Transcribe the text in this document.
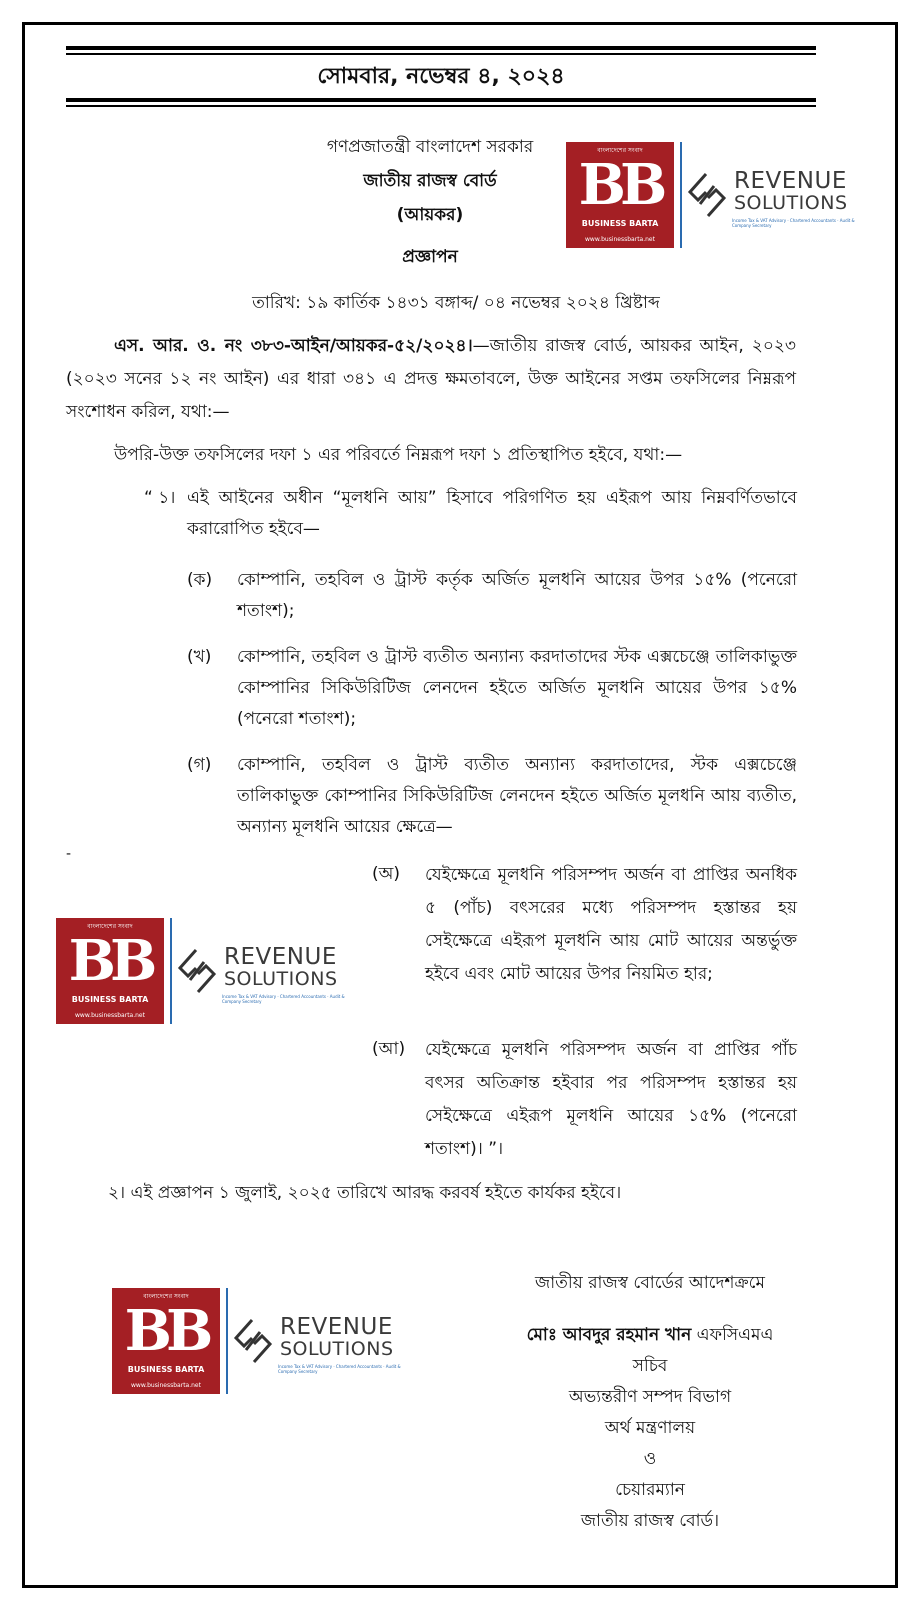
সোমবার, নভেম্বর ৪, ২০২৪
গণপ্রজাতন্ত্রী বাংলাদেশ সরকার
জাতীয় রাজস্ব বোর্ড
(আয়কর)
প্রজ্ঞাপন
তারিখ: ১৯ কার্তিক ১৪৩১ বঙ্গাব্দ/ ০৪ নভেম্বর ২০২৪ খ্রিষ্টাব্দ
এস. আর. ও. নং ৩৮৩-আইন/আয়কর-৫২/২০২৪।—জাতীয় রাজস্ব বোর্ড, আয়কর আইন, ২০২৩ (২০২৩ সনের ১২ নং আইন) এর ধারা ৩৪১ এ প্রদত্ত ক্ষমতাবলে, উক্ত আইনের সপ্তম তফসিলের নিম্নরূপ সংশোধন করিল, যথা:—
উপরি-উক্ত তফসিলের দফা ১ এর পরিবর্তে নিম্নরূপ দফা ১ প্রতিস্থাপিত হইবে, যথা:—
“ ১। এই আইনের অধীন “মূলধনি আয়” হিসাবে পরিগণিত হয় এইরূপ আয় নিম্নবর্ণিতভাবে করারোপিত হইবে—
(ক) কোম্পানি, তহবিল ও ট্রাস্ট কর্তৃক অর্জিত মূলধনি আয়ের উপর ১৫% (পনেরো শতাংশ);
(খ) কোম্পানি, তহবিল ও ট্রাস্ট ব্যতীত অন্যান্য করদাতাদের স্টক এক্সচেঞ্জে তালিকাভুক্ত কোম্পানির সিকিউরিটিজ লেনদেন হইতে অর্জিত মূলধনি আয়ের উপর ১৫% (পনেরো শতাংশ);
(গ) কোম্পানি, তহবিল ও ট্রাস্ট ব্যতীত অন্যান্য করদাতাদের, স্টক এক্সচেঞ্জে তালিকাভুক্ত কোম্পানির সিকিউরিটিজ লেনদেন হইতে অর্জিত মূলধনি আয় ব্যতীত, অন্যান্য মূলধনি আয়ের ক্ষেত্রে—
-
(অ) যেইক্ষেত্রে মূলধনি পরিসম্পদ অর্জন বা প্রাপ্তির অনধিক ৫ (পাঁচ) বৎসরের মধ্যে পরিসম্পদ হস্তান্তর হয় সেইক্ষেত্রে এইরূপ মূলধনি আয় মোট আয়ের অন্তর্ভুক্ত হইবে এবং মোট আয়ের উপর নিয়মিত হার;
(আ) যেইক্ষেত্রে মূলধনি পরিসম্পদ অর্জন বা প্রাপ্তির পাঁচ বৎসর অতিক্রান্ত হইবার পর পরিসম্পদ হস্তান্তর হয় সেইক্ষেত্রে এইরূপ মূলধনি আয়ের ১৫% (পনেরো শতাংশ)। ”।
২। এই প্রজ্ঞাপন ১ জুলাই, ২০২৫ তারিখে আরদ্ধ করবর্ষ হইতে কার্যকর হইবে।
জাতীয় রাজস্ব বোর্ডের আদেশক্রমে
মোঃ আবদুর রহমান খান এফসিএমএ
সচিব
অভ্যন্তরীণ সম্পদ বিভাগ
অর্থ মন্ত্রণালয়
ও
চেয়ারম্যান
জাতীয় রাজস্ব বোর্ড।
বাংলাদেশের সংবাদ
BB
BUSINESS BARTA
www.businessbarta.net
REVENUE
SOLUTIONS
Income Tax & VAT Advisory · Chartered Accountants · Audit & Company Secretary
বাংলাদেশের সংবাদ
BB
BUSINESS BARTA
www.businessbarta.net
REVENUE
SOLUTIONS
Income Tax & VAT Advisory · Chartered Accountants · Audit & Company Secretary
বাংলাদেশের সংবাদ
BB
BUSINESS BARTA
www.businessbarta.net
REVENUE
SOLUTIONS
Income Tax & VAT Advisory · Chartered Accountants · Audit & Company Secretary
